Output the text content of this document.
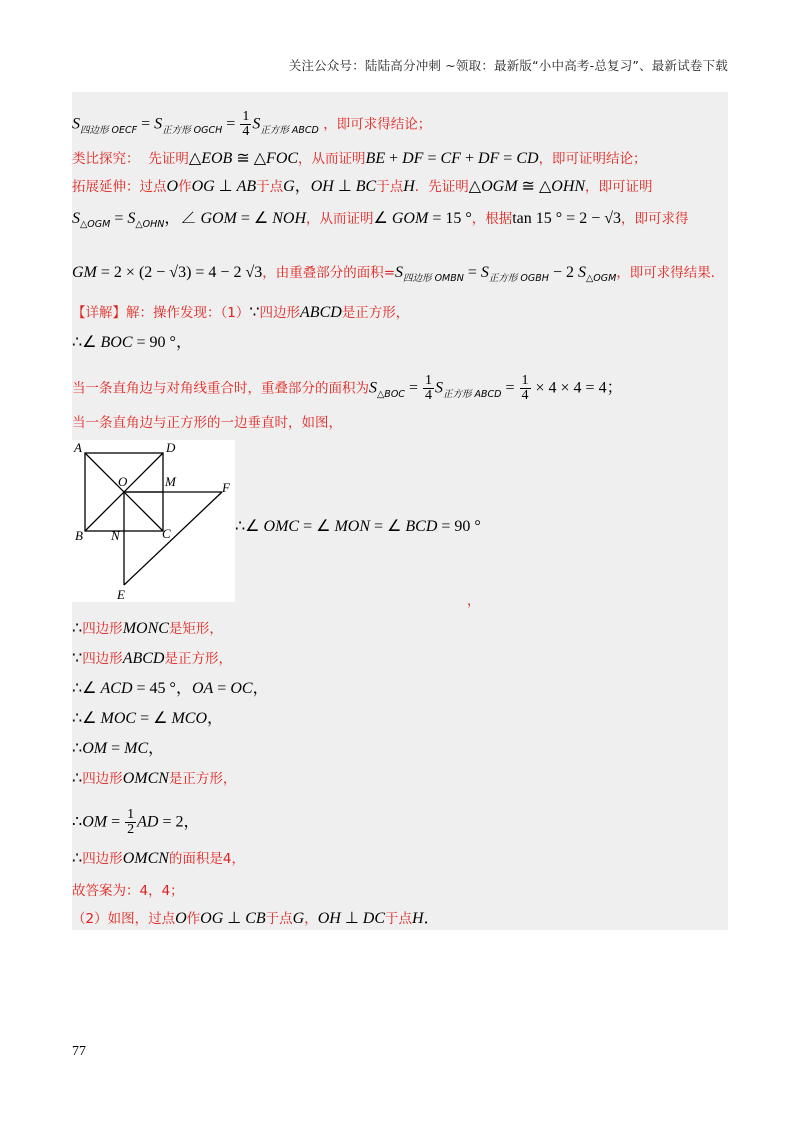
关注公众号：陆陆高分冲刺 ~领取：最新版“小中高考-总复习”、最新试卷下载
$S_{四边形 OECF} = S_{正方形 OGCH} = \frac{1}{4} S_{正方形 ABCD}$ ，即可求得结论；
类比探究： 先证明△EOB ≅ △FOC，从而证明BE + DF = CF + DF = CD，即可证明结论；
拓展延伸：过点O作OG ⊥ AB于点G，OH ⊥ BC于点H．先证明△OGM ≅ △OHN，即可证明
$S_{\triangle OGM} = S_{\triangle OHN}$，∠ GOM = ∠ NOH，从而证明∠ GOM = 15 °，根据tan 15 ° = 2 − √3，即可求得
GM = 2 × (2 − √3) = 4 − 2 √3，由重叠部分的面积$=S_{四边形 OMBN} = S_{正方形 OGBH} - 2$ $S_{\triangle OGM}$，即可求得结果．
【详解】解：操作发现：（1）∵四边形ABCD是正方形，
∴∠ BOC = 90 °，
当一条直角边与对角线重合时，重叠部分的面积为$S_{\triangle BOC} = \frac{1}{4} S_{正方形 ABCD} = \frac{1}{4} \times 4 \times 4 = 4$；
当一条直角边与正方形的一边垂直时，如图，
A	D
O	M	F
B N	C
E
∴∠ OMC = ∠ MON = ∠ BCD = 90 °
，
∴四边形MONC是矩形，
∵四边形ABCD是正方形，
∴∠ ACD = 45 °，OA = OC，
∴∠ MOC = ∠ MCO，
∴OM = MC，
∴四边形OMCN是正方形，
∴OM = $\frac{1}{2}$ AD = 2，
∴四边形OMCN的面积是4，
故答案为：4，4；
（2）如图，过点O作OG ⊥ CB于点G，OH ⊥ DC于点H．
77
